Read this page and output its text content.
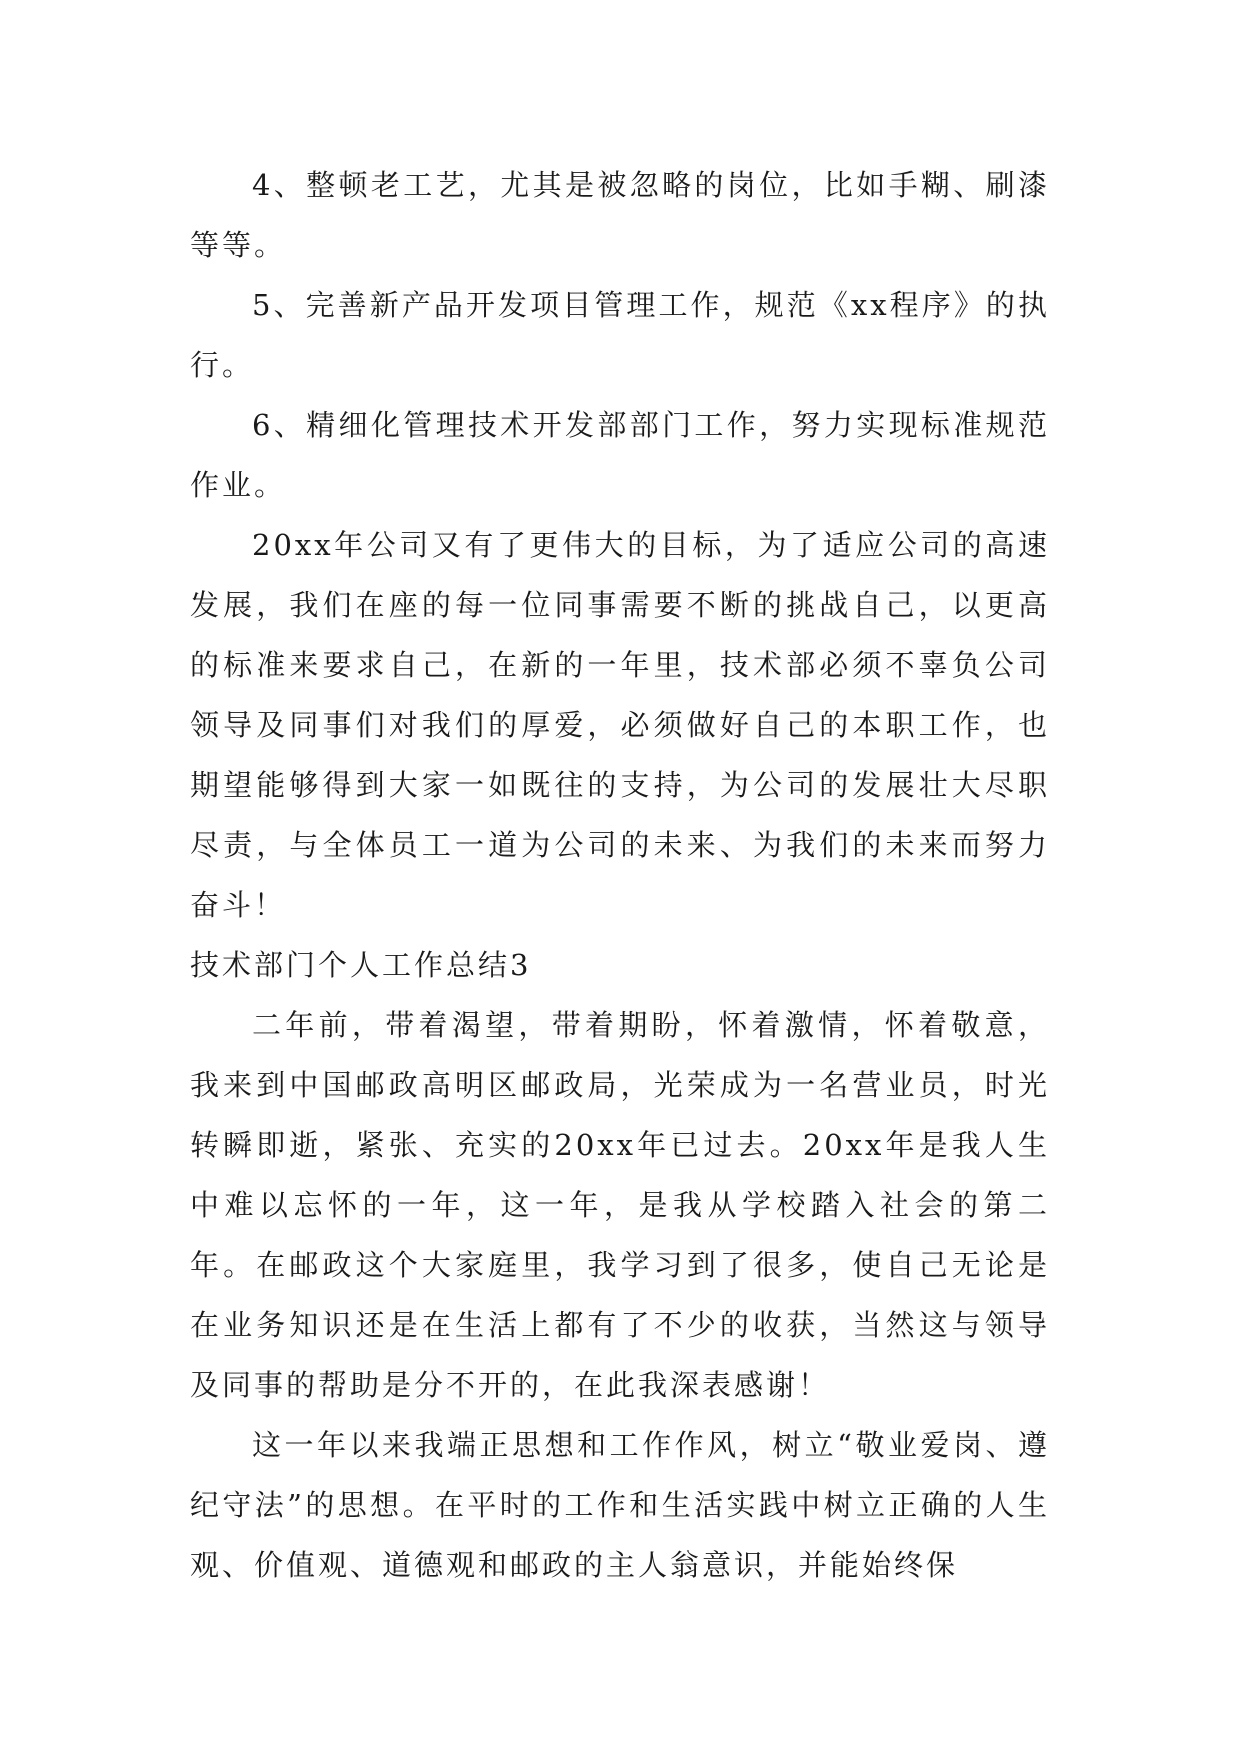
4、整顿老工艺，尤其是被忽略的岗位，比如手糊、刷漆等等。

5、完善新产品开发项目管理工作，规范《xx程序》的执行。

6、精细化管理技术开发部部门工作，努力实现标准规范作业。

20xx年公司又有了更伟大的目标，为了适应公司的高速发展，我们在座的每一位同事需要不断的挑战自己，以更高的标准来要求自己，在新的一年里，技术部必须不辜负公司领导及同事们对我们的厚爱，必须做好自己的本职工作，也期望能够得到大家一如既往的支持，为公司的发展壮大尽职尽责，与全体员工一道为公司的未来、为我们的未来而努力奋斗！

技术部门个人工作总结3

二年前，带着渴望，带着期盼，怀着激情，怀着敬意，我来到中国邮政高明区邮政局，光荣成为一名营业员，时光转瞬即逝，紧张、充实的20xx年已过去。20xx年是我人生中难以忘怀的一年，这一年，是我从学校踏入社会的第二年。在邮政这个大家庭里，我学习到了很多，使自己无论是在业务知识还是在生活上都有了不少的收获，当然这与领导及同事的帮助是分不开的，在此我深表感谢！

这一年以来我端正思想和工作作风，树立“敬业爱岗、遵纪守法”的思想。在平时的工作和生活实践中树立正确的人生观、价值观、道德观和邮政的主人翁意识，并能始终保
